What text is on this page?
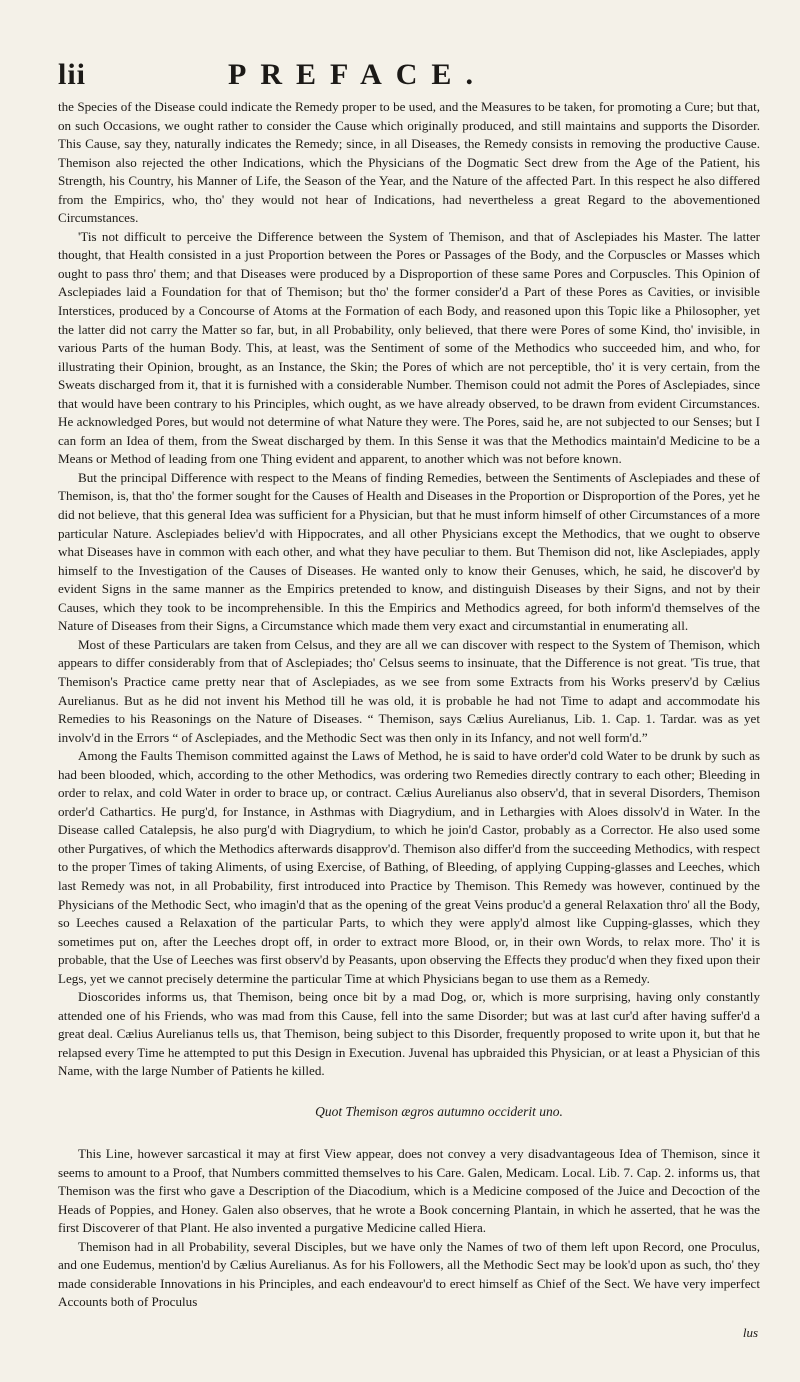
lii	PREFACE.

the Species of the Disease could indicate the Remedy proper to be used, and the Measures to be taken, for promoting a Cure; but that, on such Occasions, we ought rather to consider the Cause which originally produced, and still maintains and supports the Disorder. This Cause, say they, naturally indicates the Remedy; since, in all Diseases, the Remedy consists in removing the productive Cause. Themison also rejected the other Indications, which the Physicians of the Dogmatic Sect drew from the Age of the Patient, his Strength, his Country, his Manner of Life, the Season of the Year, and the Nature of the affected Part. In this respect he also differed from the Empirics, who, tho' they would not hear of Indications, had nevertheless a great Regard to the abovementioned Circumstances.

'Tis not difficult to perceive the Difference between the System of Themison, and that of Asclepiades his Master. The latter thought, that Health consisted in a just Proportion between the Pores or Passages of the Body, and the Corpuscles or Masses which ought to pass thro' them; and that Diseases were produced by a Disproportion of these same Pores and Corpuscles. This Opinion of Asclepiades laid a Foundation for that of Themison; but tho' the former consider'd a Part of these Pores as Cavities, or invisible Interstices, produced by a Concourse of Atoms at the Formation of each Body, and reasoned upon this Topic like a Philosopher, yet the latter did not carry the Matter so far, but, in all Probability, only believed, that there were Pores of some Kind, tho' invisible, in various Parts of the human Body. This, at least, was the Sentiment of some of the Methodics who succeeded him, and who, for illustrating their Opinion, brought, as an Instance, the Skin; the Pores of which are not perceptible, tho' it is very certain, from the Sweats discharged from it, that it is furnished with a considerable Number. Themison could not admit the Pores of Asclepiades, since that would have been contrary to his Principles, which ought, as we have already observed, to be drawn from evident Circumstances. He acknowledged Pores, but would not determine of what Nature they were. The Pores, said he, are not subjected to our Senses; but I can form an Idea of them, from the Sweat discharged by them. In this Sense it was that the Methodics maintain'd Medicine to be a Means or Method of leading from one Thing evident and apparent, to another which was not before known.

But the principal Difference with respect to the Means of finding Remedies, between the Sentiments of Asclepiades and these of Themison, is, that tho' the former sought for the Causes of Health and Diseases in the Proportion or Disproportion of the Pores, yet he did not believe, that this general Idea was sufficient for a Physician, but that he must inform himself of other Circumstances of a more particular Nature. Asclepiades believ'd with Hippocrates, and all other Physicians except the Methodics, that we ought to observe what Diseases have in common with each other, and what they have peculiar to them. But Themison did not, like Asclepiades, apply himself to the Investigation of the Causes of Diseases. He wanted only to know their Genuses, which, he said, he discover'd by evident Signs in the same manner as the Empirics pretended to know, and distinguish Diseases by their Signs, and not by their Causes, which they took to be incomprehensible. In this the Empirics and Methodics agreed, for both inform'd themselves of the Nature of Diseases from their Signs, a Circumstance which made them very exact and circumstantial in enumerating all.

Most of these Particulars are taken from Celsus, and they are all we can discover with respect to the System of Themison, which appears to differ considerably from that of Asclepiades; tho' Celsus seems to insinuate, that the Difference is not great. 'Tis true, that Themison's Practice came pretty near that of Asclepiades, as we see from some Extracts from his Works preserv'd by Cælius Aurelianus. But as he did not invent his Method till he was old, it is probable he had not Time to adapt and accommodate his Remedies to his Reasonings on the Nature of Diseases. “ Themison, says Cælius Aurelianus, Lib. 1. Cap. 1. Tardar. was as yet involv'd in the Errors “ of Asclepiades, and the Methodic Sect was then only in its Infancy, and not well form'd.”

Among the Faults Themison committed against the Laws of Method, he is said to have order'd cold Water to be drunk by such as had been blooded, which, according to the other Methodics, was ordering two Remedies directly contrary to each other; Bleeding in order to relax, and cold Water in order to brace up, or contract. Cælius Aurelianus also observ'd, that in several Disorders, Themison order'd Cathartics. He purg'd, for Instance, in Asthmas with Diagrydium, and in Lethargies with Aloes dissolv'd in Water. In the Disease called Catalepsis, he also purg'd with Diagrydium, to which he join'd Castor, probably as a Corrector. He also used some other Purgatives, of which the Methodics afterwards disapprov'd. Themison also differ'd from the succeeding Methodics, with respect to the proper Times of taking Aliments, of using Exercise, of Bathing, of Bleeding, of applying Cupping-glasses and Leeches, which last Remedy was not, in all Probability, first introduced into Practice by Themison. This Remedy was however, continued by the Physicians of the Methodic Sect, who imagin'd that as the opening of the great Veins produc'd a general Relaxation thro' all the Body, so Leeches caused a Relaxation of the particular Parts, to which they were apply'd almost like Cupping-glasses, which they sometimes put on, after the Leeches dropt off, in order to extract more Blood, or, in their own Words, to relax more. Tho' it is probable, that the Use of Leeches was first observ'd by Peasants, upon observing the Effects they produc'd when they fixed upon their Legs, yet we cannot precisely determine the particular Time at which Physicians began to use them as a Remedy.

Dioscorides informs us, that Themison, being once bit by a mad Dog, or, which is more surprising, having only constantly attended one of his Friends, who was mad from this Cause, fell into the same Disorder; but was at last cur'd after having suffer'd a great deal. Cælius Aurelianus tells us, that Themison, being subject to this Disorder, frequently proposed to write upon it, but that he relapsed every Time he attempted to put this Design in Execution. Juvenal has upbraided this Physician, or at least a Physician of this Name, with the large Number of Patients he killed.

Quot Themison ægros autumno occiderit uno.

This Line, however sarcastical it may at first View appear, does not convey a very disadvantageous Idea of Themison, since it seems to amount to a Proof, that Numbers committed themselves to his Care. Galen, Medicam. Local. Lib. 7. Cap. 2. informs us, that Themison was the first who gave a Description of the Diacodium, which is a Medicine composed of the Juice and Decoction of the Heads of Poppies, and Honey. Galen also observes, that he wrote a Book concerning Plantain, in which he asserted, that he was the first Discoverer of that Plant. He also invented a purgative Medicine called Hiera.

Themison had in all Probability, several Disciples, but we have only the Names of two of them left upon Record, one Proculus, and one Eudemus, mention'd by Cælius Aurelianus. As for his Followers, all the Methodic Sect may be look'd upon as such, tho' they made considerable Innovations in his Principles, and each endeavour'd to erect himself as Chief of the Sect. We have very imperfect Accounts both of Proculus

lus
